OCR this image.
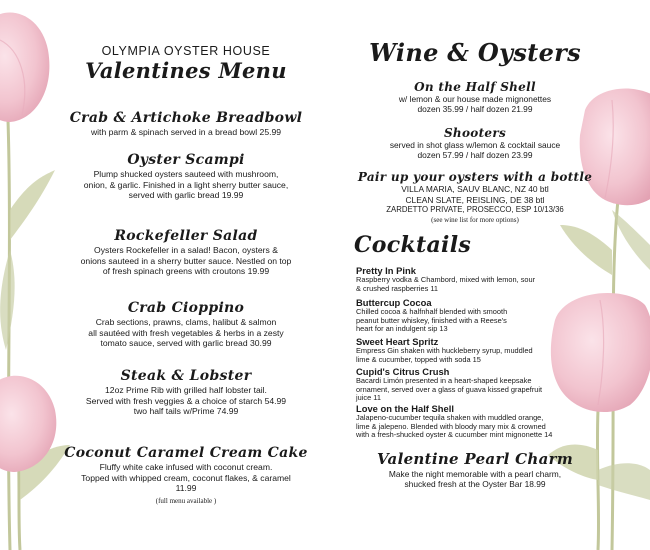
OLYMPIA OYSTER HOUSE
Valentines Menu

Crab & Artichoke Breadbowl

with parm & spinach served in a bread bowl 25.99

Oyster Scampi

Plump shucked oysters sauteed with mushroom,

onion, & garlic. Finished in a light sherry butter sauce,

served with garlic bread 19.99

Rockefeller Salad

Oysters Rockefeller in a salad! Bacon, oysters &

onions sauteed in a sherry butter sauce. Nestled on top

of fresh spinach greens with croutons 19.99

Crab Cioppino

Crab sections, prawns, clams, halibut & salmon

all sautéed with fresh vegetables & herbs in a zesty

tomato sauce, served with garlic bread 30.99

Steak & Lobster

12oz Prime Rib with grilled half lobster tail.

Served with fresh veggies & a choice of starch 54.99

two half tails w/Prime 74.99

Coconut Caramel Cream Cake

Fluffy white cake infused with coconut cream.

Topped with whipped cream, coconut flakes, & caramel

11.99

(full menu available )

Wine & Oysters

On the Half Shell

w/ lemon & our house made mignonettes

dozen 35.99 / half dozen 21.99

Shooters

served in shot glass w/lemon & cocktail sauce

dozen 57.99 / half dozen 23.99

Pair up your oysters with a bottle

VILLA MARIA, SAUV BLANC, NZ 40 btl

CLEAN SLATE, REISLING, DE 38 btl

ZARDETTO PRIVATE, PROSECCO, ESP 10/13/36

(see wine list for more options)

Cocktails

Pretty In Pink

Raspberry vodka & Chambord, mixed with lemon, sour

& crushed raspberries 11

Buttercup Cocoa

Chilled cocoa & halfnhalf blended with smooth

peanut butter whiskey, finished with a Reese's

heart for an indulgent sip 13

Sweet Heart Spritz

Empress Gin shaken with huckleberry syrup, muddled

lime & cucumber, topped with soda 15

Cupid's Citrus Crush

Bacardi Limón presented in a heart-shaped keepsake

ornament, served over a glass of guava kissed grapefruit

juice 11

Love on the Half Shell

Jalapeno-cucumber tequila shaken with muddled orange,

lime & jalepeno. Blended with bloody mary mix & crowned

with a fresh-shucked oyster & cucumber mint mignonette 14

Valentine Pearl Charm

Make the night memorable with a pearl charm,

shucked fresh at the Oyster Bar 18.99
